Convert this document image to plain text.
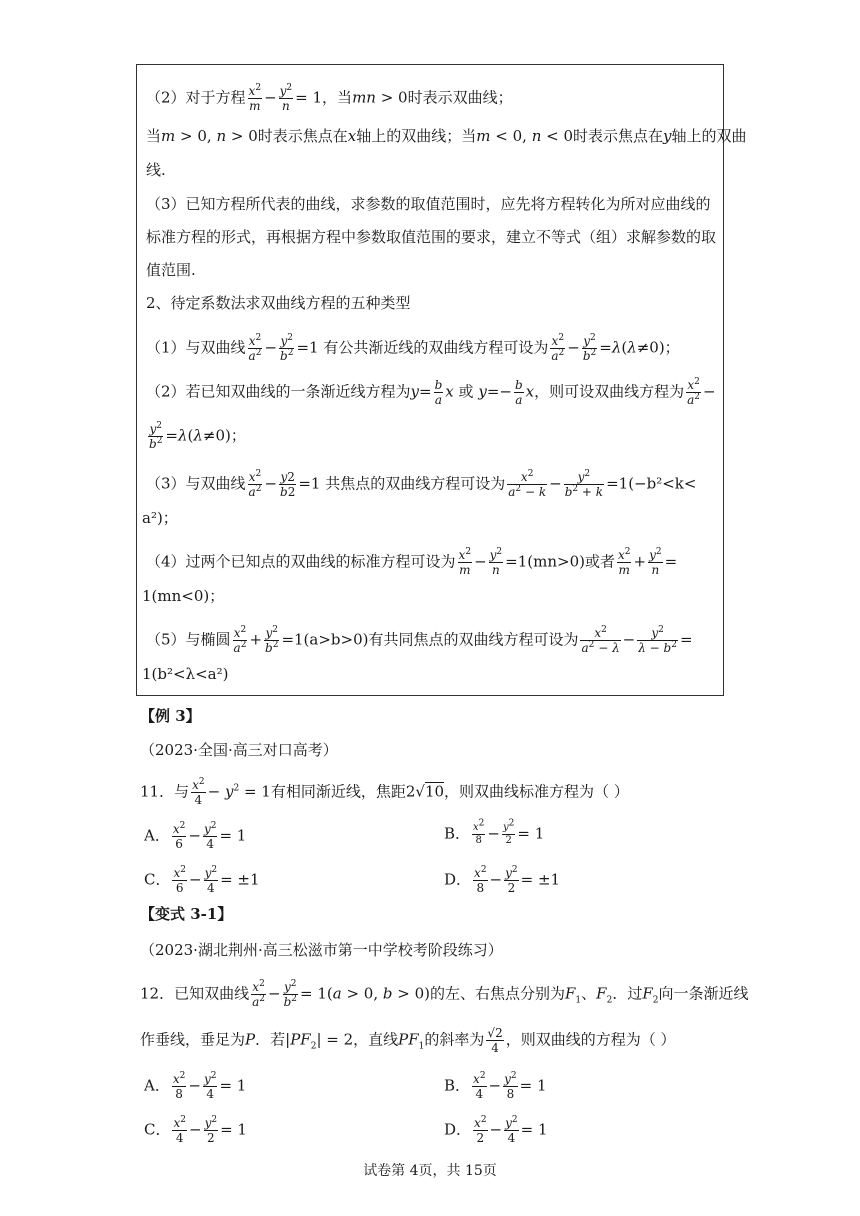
（2）对于方程 $\frac{x^2}{m} - \frac{y^2}{n} = 1$，当mn > 0时表示双曲线；
当m > 0, n > 0时表示焦点在x轴上的双曲线；当m < 0, n < 0时表示焦点在y轴上的双曲
线.
（3）已知方程所代表的曲线，求参数的取值范围时，应先将方程转化为所对应曲线的
标准方程的形式，再根据方程中参数取值范围的要求，建立不等式（组）求解参数的取
值范围.
2、待定系数法求双曲线方程的五种类型
（1）与双曲线 $\frac{x^2}{a^2} - \frac{y^2}{b^2} =1$ 有公共渐近线的双曲线方程可设为 $\frac{x^2}{a^2} - \frac{y^2}{b^2} =\lambda(\lambda\ne 0)$；
（2）若已知双曲线的一条渐近线方程为$y= \frac{b}{a}$ x 或 $y=- \frac{b}{a}$ x，则可设双曲线方程为 $\frac{x^2}{a^2}$ −
$\frac{y^2}{b^2} =\lambda(\lambda\ne 0)$；
（3）与双曲线 $\frac{x^2}{a^2} - \frac{y2}{b2} =1$ 共焦点的双曲线方程可设为 $\frac{x^2}{a^2 - k} - \frac{y^2}{b^2 + k} =1(-b^2<k<$
a²)；
（4）过两个已知点的双曲线的标准方程可设为 $\frac{x^2}{m} - \frac{y^2}{n} =1(mn>0)$或者 $\frac{x^2}{m} + \frac{y^2}{n}$ =
1(mn<0)；
（5）与椭圆 $\frac{x^2}{a^2} + \frac{y^2}{b^2} =1(a>b>0)$有共同焦点的双曲线方程可设为 $\frac{x^2}{a^2 - \lambda} - \frac{y^2}{\lambda - b^2}$ =
1(b²<λ<a²)
【例 3】
（2023·全国·高三对口高考）
11．与 $\frac{x^2}{4} - y^2 = 1$有相同渐近线，焦距2√10，则双曲线标准方程为（ ）
A． $\frac{x^2}{6} - \frac{y^2}{4} = 1$	B． $\frac{x^2}{8} - \frac{y^2}{2} = 1$
C． $\frac{x^2}{6} - \frac{y^2}{4} = \pm 1$	D． $\frac{x^2}{8} - \frac{y^2}{2} = \pm 1$
【变式 3-1】
（2023·湖北荆州·高三松滋市第一中学校考阶段练习）
12．已知双曲线 $\frac{x^2}{a^2} - \frac{y^2}{b^2} = 1(a > 0$, b > 0)的左、右焦点分别为$F_1$、$F_2$．过$F_2$向一条渐近线
作垂线，垂足为P．若$|PF_2| = 2$，直线$PF_1$的斜率为 $\frac{√2}{4}$ ，则双曲线的方程为（ ）
A． $\frac{x^2}{8} - \frac{y^2}{4} = 1$	B． $\frac{x^2}{4} - \frac{y^2}{8} = 1$
C． $\frac{x^2}{4} - \frac{y^2}{2} = 1$	D． $\frac{x^2}{2} - \frac{y^2}{4} = 1$
试卷第 4页，共 15页
